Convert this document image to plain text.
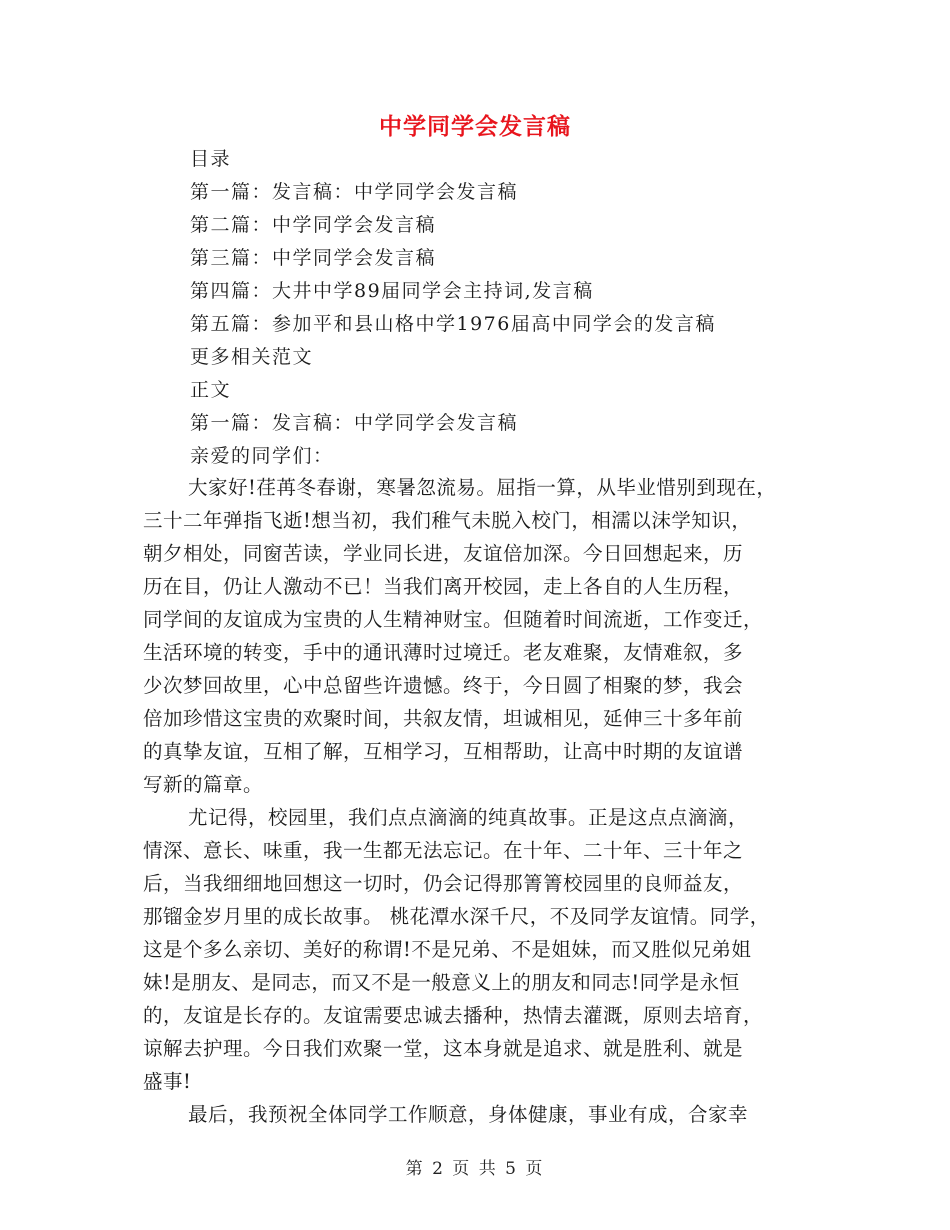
中学同学会发言稿
目录
第一篇：发言稿：中学同学会发言稿
第二篇：中学同学会发言稿
第三篇：中学同学会发言稿
第四篇：大井中学89届同学会主持词,发言稿
第五篇：参加平和县山格中学1976届高中同学会的发言稿
更多相关范文
正文
第一篇：发言稿：中学同学会发言稿
亲爱的同学们：
大家好!荏苒冬春谢，寒暑忽流易。屈指一算，从毕业惜别到现在，
三十二年弹指飞逝!想当初，我们稚气未脱入校门，相濡以沫学知识，
朝夕相处，同窗苦读，学业同长进，友谊倍加深。今日回想起来，历
历在目，仍让人激动不已！当我们离开校园，走上各自的人生历程，
同学间的友谊成为宝贵的人生精神财宝。但随着时间流逝，工作变迁，
生活环境的转变，手中的通讯薄时过境迁。老友难聚，友情难叙，多
少次梦回故里，心中总留些许遗憾。终于，今日圆了相聚的梦，我会
倍加珍惜这宝贵的欢聚时间，共叙友情，坦诚相见，延伸三十多年前
的真挚友谊，互相了解，互相学习，互相帮助，让高中时期的友谊谱
写新的篇章。
尤记得，校园里，我们点点滴滴的纯真故事。正是这点点滴滴，
情深、意长、味重，我一生都无法忘记。在十年、二十年、三十年之
后，当我细细地回想这一切时，仍会记得那箐箐校园里的良师益友，
那镏金岁月里的成长故事。 桃花潭水深千尺，不及同学友谊情。同学，
这是个多么亲切、美好的称谓!不是兄弟、不是姐妹，而又胜似兄弟姐
妹!是朋友、是同志，而又不是一般意义上的朋友和同志!同学是永恒
的，友谊是长存的。友谊需要忠诚去播种，热情去灌溉，原则去培育，
谅解去护理。今日我们欢聚一堂，这本身就是追求、就是胜利、就是
盛事!
最后，我预祝全体同学工作顺意，身体健康，事业有成，合家幸
第 2 页 共 5 页
